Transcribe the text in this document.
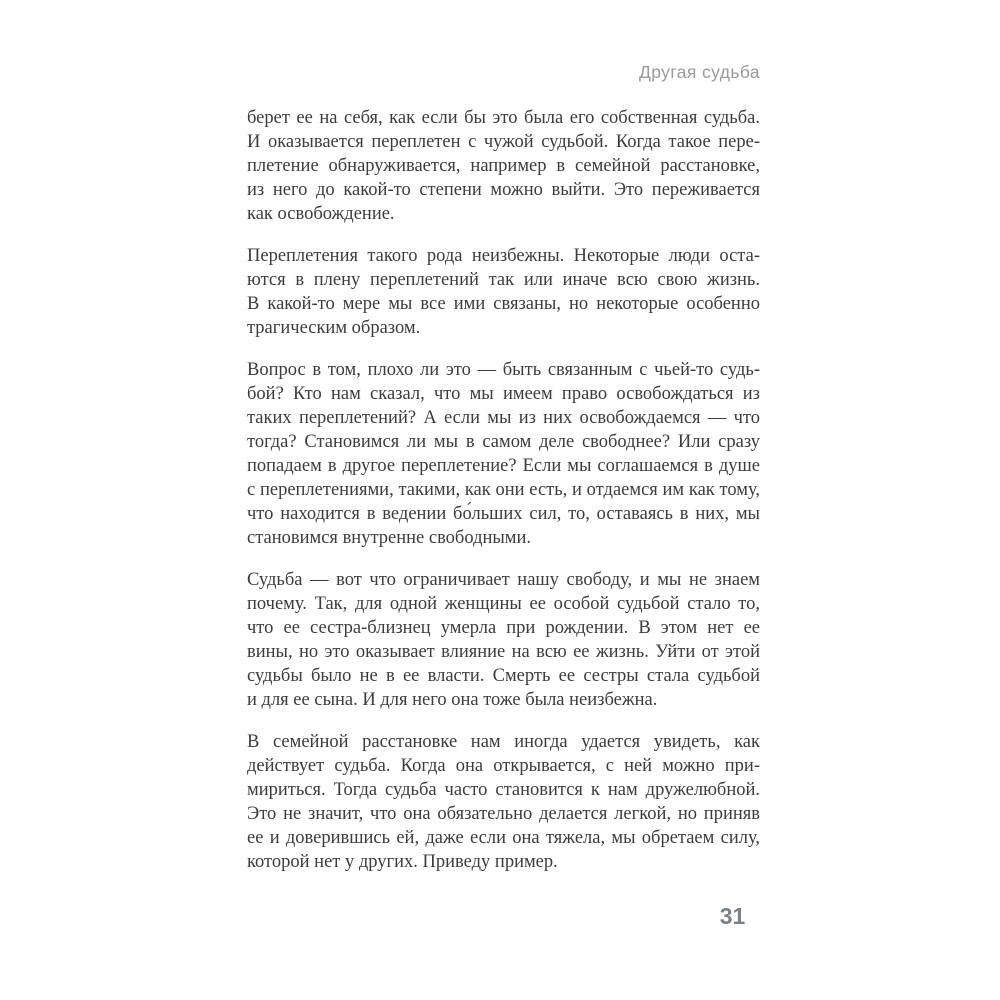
Другая судьба

берет ее на себя, как если бы это была его собственная судьба.
И оказывается переплетен с чужой судьбой. Когда такое пере-
плетение обнаруживается, например в семейной расстановке,
из него до какой-то степени можно выйти. Это переживается
как освобождение.

Переплетения такого рода неизбежны. Некоторые люди оста-
ются в плену переплетений так или иначе всю свою жизнь.
В какой-то мере мы все ими связаны, но некоторые особенно
трагическим образом.

Вопрос в том, плохо ли это — быть связанным с чьей-то судь-
бой? Кто нам сказал, что мы имеем право освобождаться из
таких переплетений? А если мы из них освобождаемся — что
тогда? Становимся ли мы в самом деле свободнее? Или сразу
попадаем в другое переплетение? Если мы соглашаемся в душе
с переплетениями, такими, как они есть, и отдаемся им как тому,
что находится в ведении бо́льших сил, то, оставаясь в них, мы
становимся внутренне свободными.

Судьба — вот что ограничивает нашу свободу, и мы не знаем
почему. Так, для одной женщины ее особой судьбой стало то,
что ее сестра-близнец умерла при рождении. В этом нет ее
вины, но это оказывает влияние на всю ее жизнь. Уйти от этой
судьбы было не в ее власти. Смерть ее сестры стала судьбой
и для ее сына. И для него она тоже была неизбежна.

В семейной расстановке нам иногда удается увидеть, как
действует судьба. Когда она открывается, с ней можно при-
мириться. Тогда судьба часто становится к нам дружелюбной.
Это не значит, что она обязательно делается легкой, но приняв
ее и доверившись ей, даже если она тяжела, мы обретаем силу,
которой нет у других. Приведу пример.

31
